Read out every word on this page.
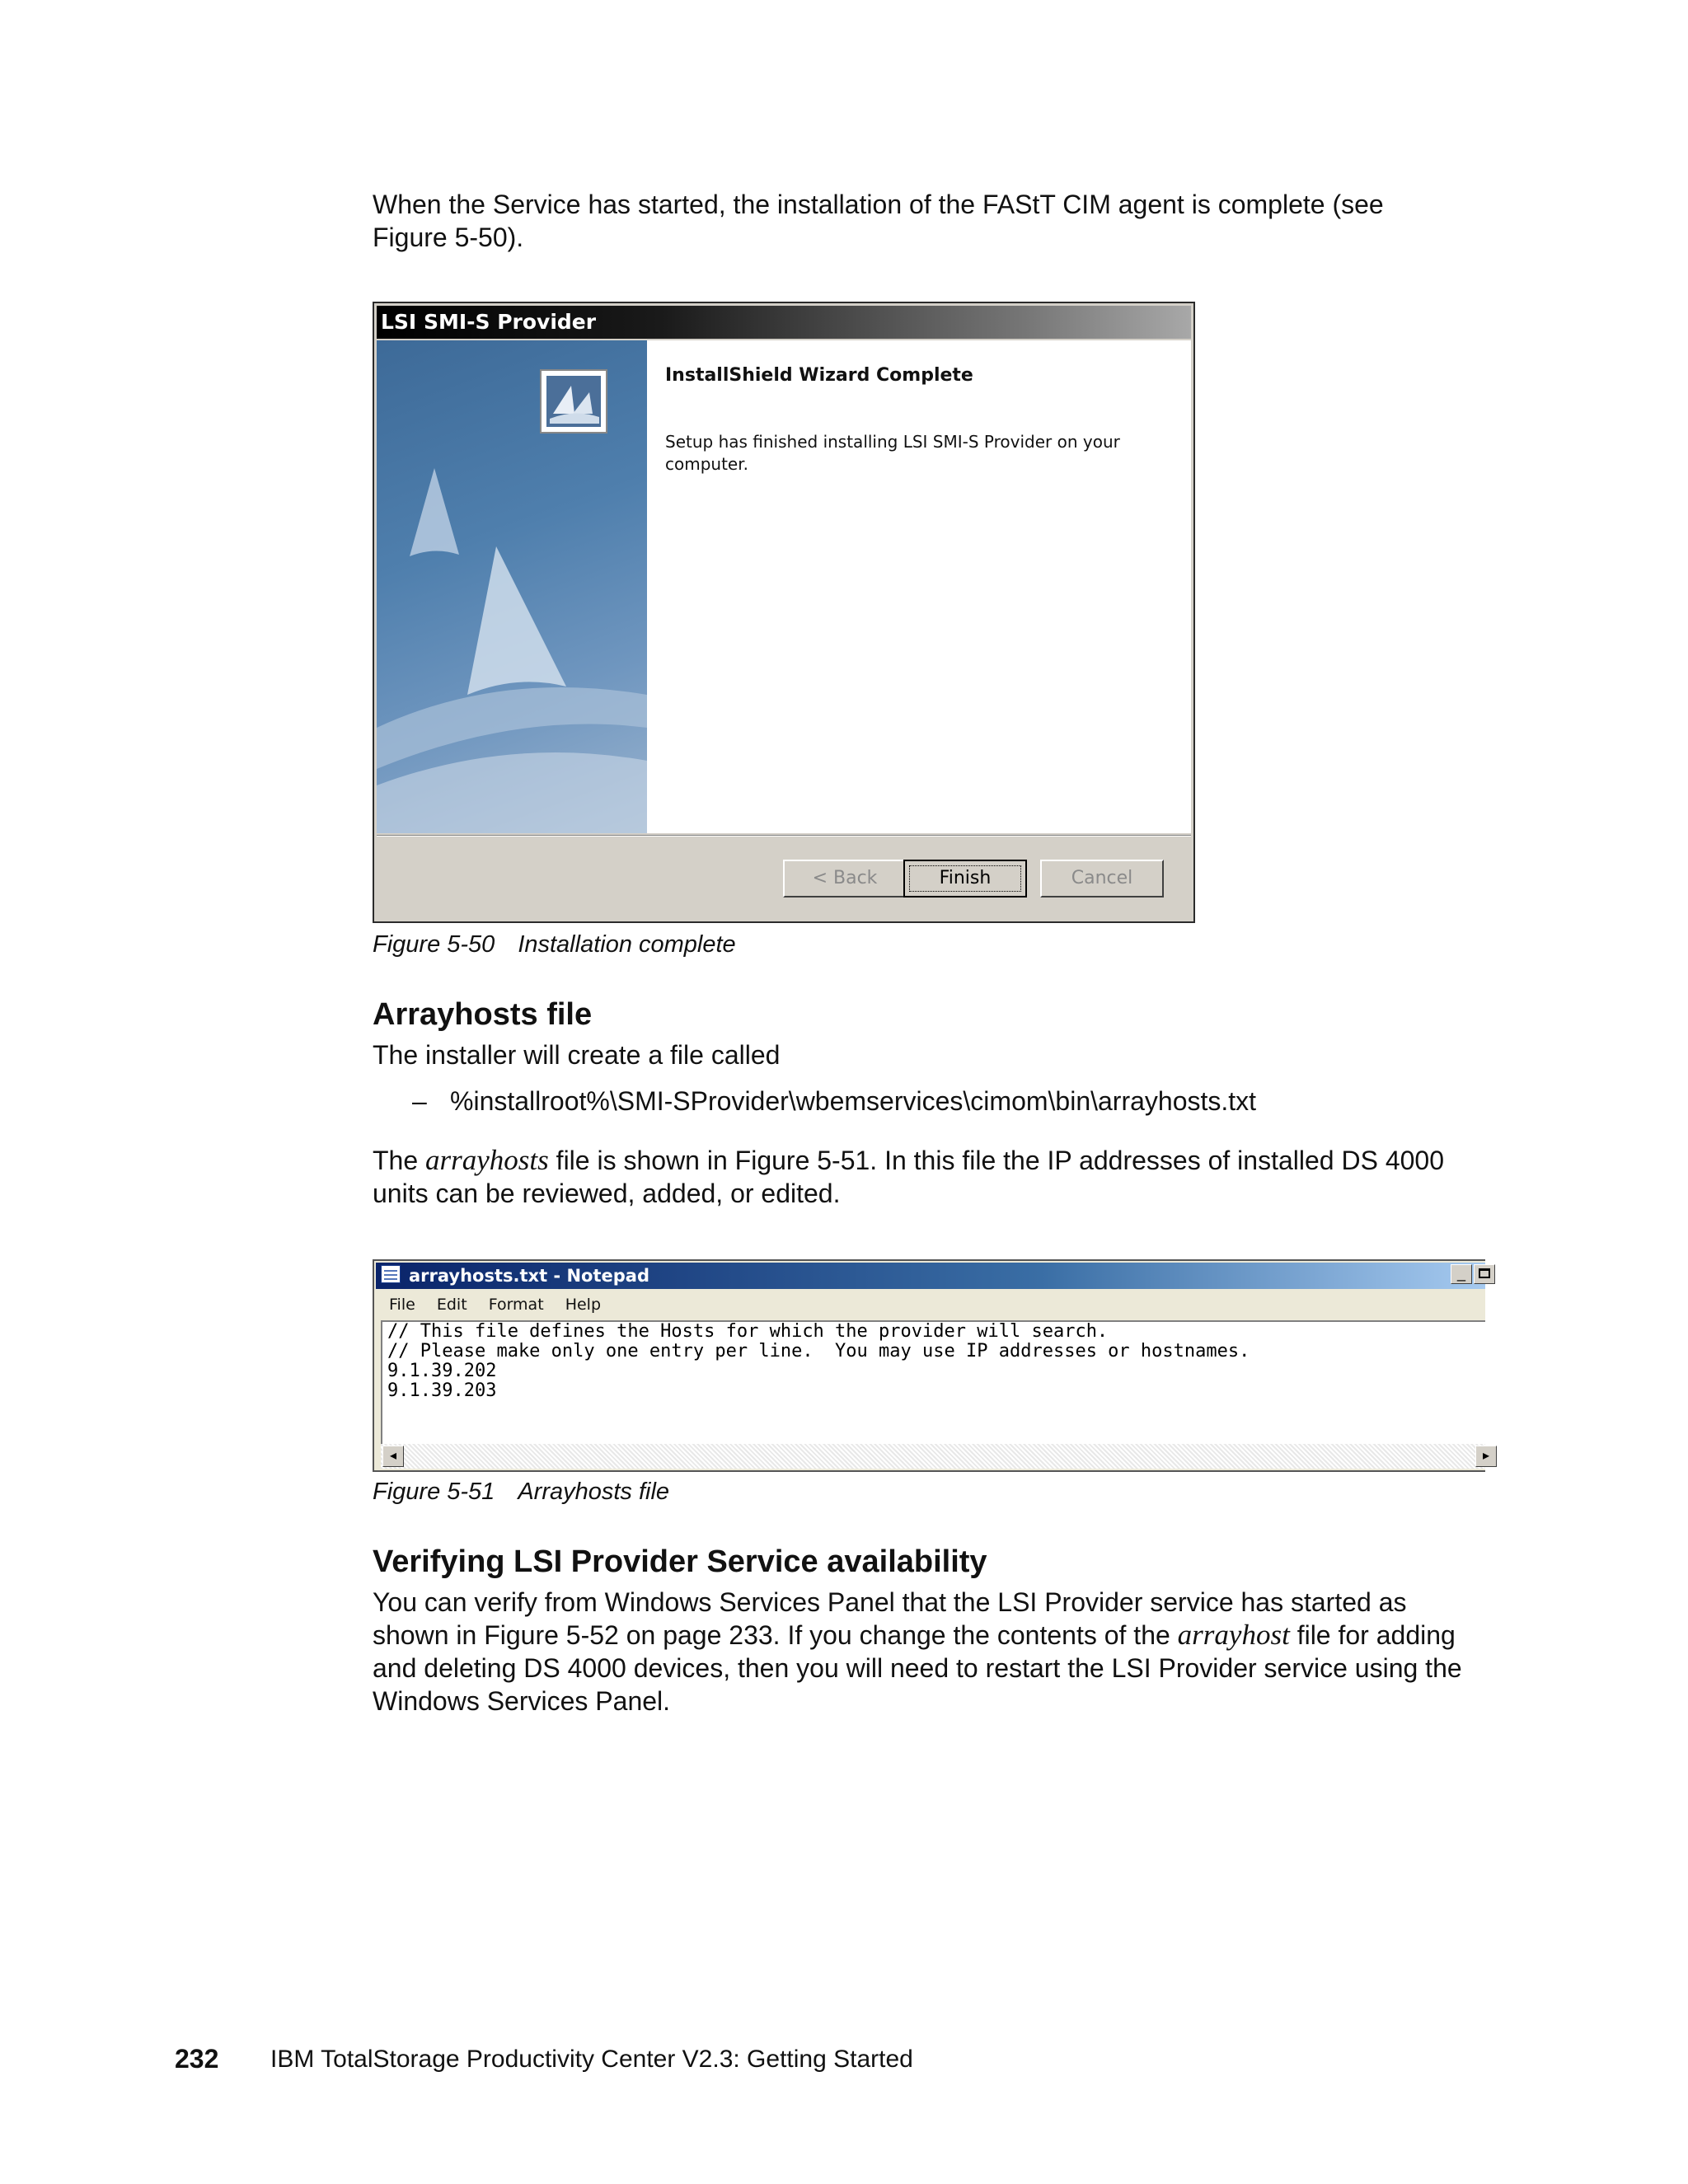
When the Service has started, the installation of the FAStT CIM agent is complete (see
Figure 5-50).
LSI SMI-S Provider
InstallShield Wizard Complete
Setup has finished installing LSI SMI-S Provider on your computer.
< Back	Finish	Cancel
Figure 5-50 Installation complete
Arrayhosts file
The installer will create a file called
– %installroot%\SMI-SProvider\wbemservices\cimom\bin\arrayhosts.txt
The arrayhosts file is shown in Figure 5-51. In this file the IP addresses of installed DS 4000
units can be reviewed, added, or edited.
arrayhosts.txt - Notepad	_
File Edit Format Help
// This file defines the Hosts for which the provider will search.
// Please make only one entry per line.  You may use IP addresses or hostnames.
9.1.39.202
9.1.39.203
◂	▸
Figure 5-51 Arrayhosts file
Verifying LSI Provider Service availability
You can verify from Windows Services Panel that the LSI Provider service has started as
shown in Figure 5-52 on page 233. If you change the contents of the arrayhost file for adding
and deleting DS 4000 devices, then you will need to restart the LSI Provider service using the
Windows Services Panel.
232 IBM TotalStorage Productivity Center V2.3: Getting Started
